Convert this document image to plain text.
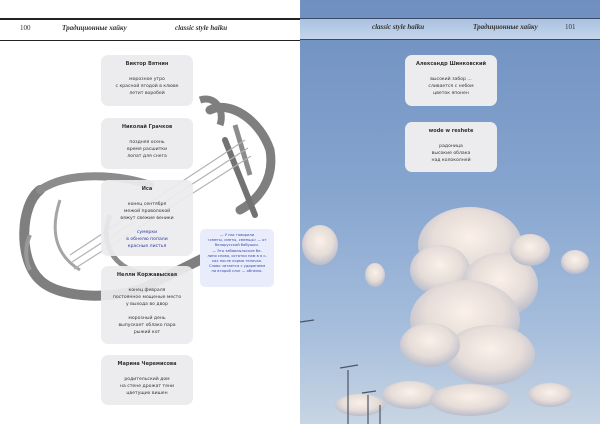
100	Традиционные хайку	classic style haiku
Виктор Вятнин
морозное утро
с красной ягодой в клюве
летит воробей
Николай Грачков
поздняя осень
время расшитки
лопат для снега
Иса
конец сентября
межой проволокой
вяжут свежие веники
сумерки
в обнелю попали
красные листья
Нелли Коржавыская
конец февраля
постоянное мощеные место
у выхода во двор
морозный день
выпускает облако пара
рыжий кот
Марина Черемисова
родительский дом
на стене дрожат тени
цветущих вишен
— У нас говорили
«сметы, сметы, сменщь» — от
белорусской бабушки.
— Это забавлыльское бе-
лино слово, остатки нам в я с-
ках после корма телочка.
Слово читается с ударением
на второй слог — обнелю.
classic style haiku	Традиционные хайку	101
Александр Шинковский
высокий забор ...
сливается с небом
цветок японен
wode w reshete
радоница
высокие облака
над колоколней
